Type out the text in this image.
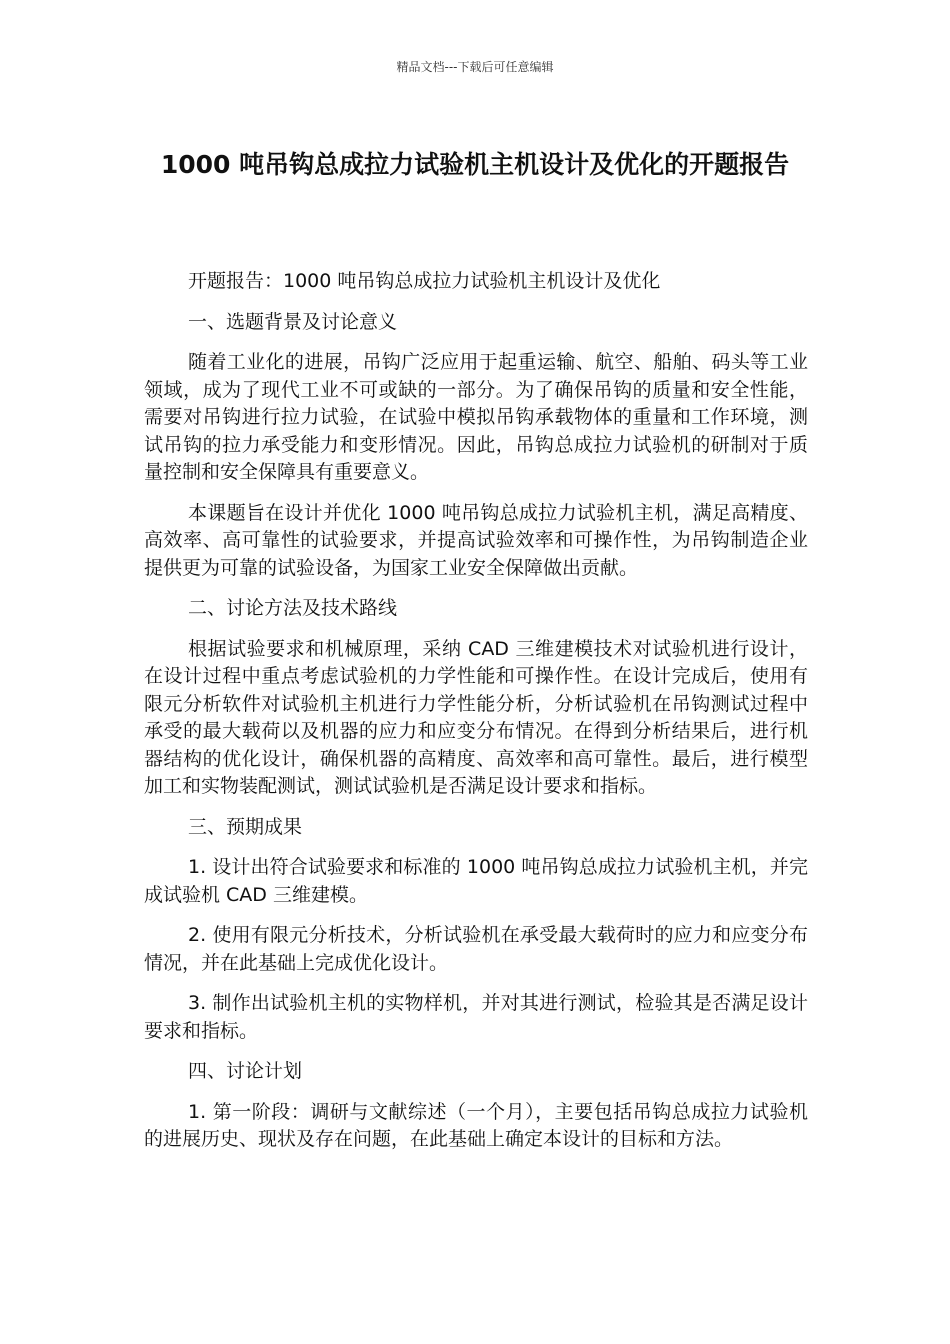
精品文档---下载后可任意编辑
1000 吨吊钩总成拉力试验机主机设计及优化的开题报告

开题报告：1000 吨吊钩总成拉力试验机主机设计及优化

一、选题背景及讨论意义

随着工业化的进展，吊钩广泛应用于起重运输、航空、船舶、码头等工业领域，成为了现代工业不可或缺的一部分。为了确保吊钩的质量和安全性能，需要对吊钩进行拉力试验，在试验中模拟吊钩承载物体的重量和工作环境，测试吊钩的拉力承受能力和变形情况。因此，吊钩总成拉力试验机的研制对于质量控制和安全保障具有重要意义。

本课题旨在设计并优化 1000 吨吊钩总成拉力试验机主机，满足高精度、高效率、高可靠性的试验要求，并提高试验效率和可操作性，为吊钩制造企业提供更为可靠的试验设备，为国家工业安全保障做出贡献。

二、讨论方法及技术路线

根据试验要求和机械原理，采纳 CAD 三维建模技术对试验机进行设计，在设计过程中重点考虑试验机的力学性能和可操作性。在设计完成后，使用有限元分析软件对试验机主机进行力学性能分析，分析试验机在吊钩测试过程中承受的最大载荷以及机器的应力和应变分布情况。在得到分析结果后，进行机器结构的优化设计，确保机器的高精度、高效率和高可靠性。最后，进行模型加工和实物装配测试，测试试验机是否满足设计要求和指标。

三、预期成果

1. 设计出符合试验要求和标准的 1000 吨吊钩总成拉力试验机主机，并完成试验机 CAD 三维建模。

2. 使用有限元分析技术，分析试验机在承受最大载荷时的应力和应变分布情况，并在此基础上完成优化设计。

3. 制作出试验机主机的实物样机，并对其进行测试，检验其是否满足设计要求和指标。

四、讨论计划

1. 第一阶段：调研与文献综述（一个月），主要包括吊钩总成拉力试验机的进展历史、现状及存在问题，在此基础上确定本设计的目标和方法。
